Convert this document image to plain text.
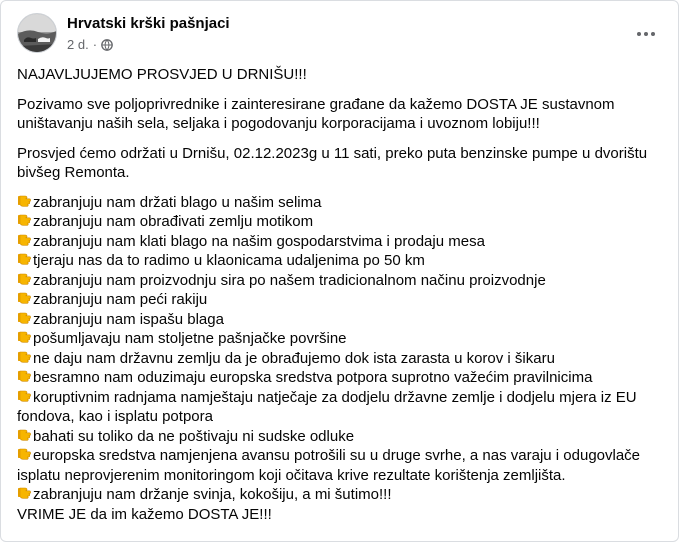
Hrvatski krški pašnjaci
2 d. ·

NAJAVLJUJEMO PROSVJED U DRNIŠU!!!

Pozivamo sve poljoprivrednike i zainteresirane građane da kažemo DOSTA JE sustavnom uništavanju naših sela, seljaka i pogodovanju korporacijama i uvoznom lobiju!!!

Prosvjed ćemo održati u Drnišu, 02.12.2023g u 11 sati, preko puta benzinske pumpe u dvorištu bivšeg Remonta.

zabranjuju nam držati blago u našim selima
zabranjuju nam obrađivati zemlju motikom
zabranjuju nam klati blago na našim gospodarstvima i prodaju mesa
tjeraju nas da to radimo u klaonicama udaljenima po 50 km
zabranjuju nam proizvodnju sira po našem tradicionalnom načinu proizvodnje
zabranjuju nam peći rakiju
zabranjuju nam ispašu blaga
pošumljavaju nam stoljetne pašnjačke površine
ne daju nam državnu zemlju da je obrađujemo dok ista zarasta u korov i šikaru
besramno nam oduzimaju europska sredstva potpora suprotno važećim pravilnicima
koruptivnim radnjama namještaju natječaje za dodjelu državne zemlje i dodjelu mjera iz EU fondova, kao i isplatu potpora
bahati su toliko da ne poštivaju ni sudske odluke
europska sredstva namjenjena avansu potrošili su u druge svrhe, a nas varaju i odugovlače isplatu neprovjerenim monitoringom koji očitava krive rezultate korištenja zemljišta.
zabranjuju nam držanje svinja, kokošiju, a mi šutimo!!!
VRIME JE da im kažemo DOSTA JE!!!
